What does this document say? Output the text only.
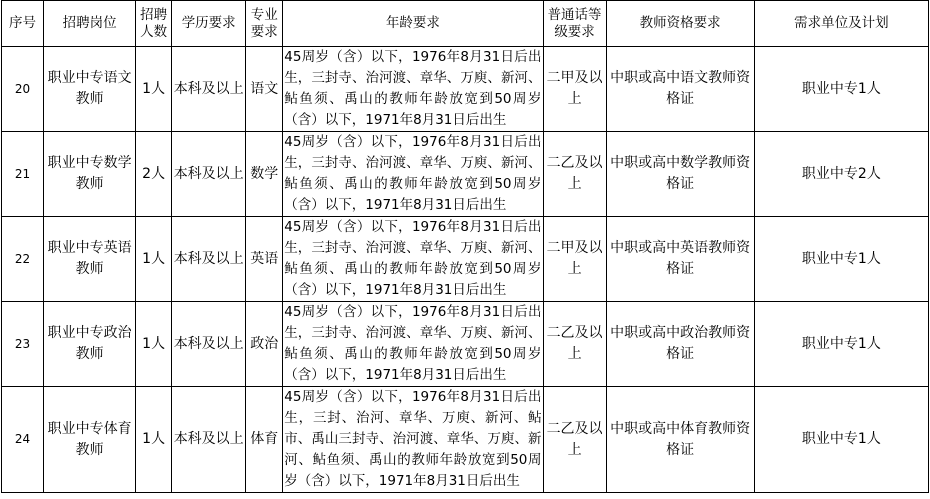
序号	招聘岗位	招聘人数	学历要求	专业要求	年龄要求	普通话等级要求	教师资格要求	需求单位及计划
20	职业中专语文教师	1人	本科及以上	语文	45周岁（含）以下，1976年8月31日后出生，三封寺、治河渡、章华、万庾、新河、鲇鱼须、禹山的教师年龄放宽到50周岁（含）以下，1971年8月31日后出生	二甲及以上	中职或高中语文教师资格证	职业中专1人
21	职业中专数学教师	2人	本科及以上	数学	45周岁（含）以下，1976年8月31日后出生，三封寺、治河渡、章华、万庾、新河、鲇鱼须、禹山的教师年龄放宽到50周岁（含）以下，1971年8月31日后出生	二乙及以上	中职或高中数学教师资格证	职业中专2人
22	职业中专英语教师	1人	本科及以上	英语	45周岁（含）以下，1976年8月31日后出生，三封寺、治河渡、章华、万庾、新河、鲇鱼须、禹山的教师年龄放宽到50周岁（含）以下，1971年8月31日后出生	二甲及以上	中职或高中英语教师资格证	职业中专1人
23	职业中专政治教师	1人	本科及以上	政治	45周岁（含）以下，1976年8月31日后出生，三封寺、治河渡、章华、万庾、新河、鲇鱼须、禹山的教师年龄放宽到50周岁（含）以下，1971年8月31日后出生	二乙及以上	中职或高中政治教师资格证	职业中专1人
24	职业中专体育教师	1人	本科及以上	体育	45周岁（含）以下，1976年8月31日后出生，三封、治河、章华、万庾、新河、鲇市、禹山三封寺、治河渡、章华、万庾、新河、鲇鱼须、禹山的教师年龄放宽到50周岁（含）以下，1971年8月31日后出生	二乙及以上	中职或高中体育教师资格证	职业中专1人
